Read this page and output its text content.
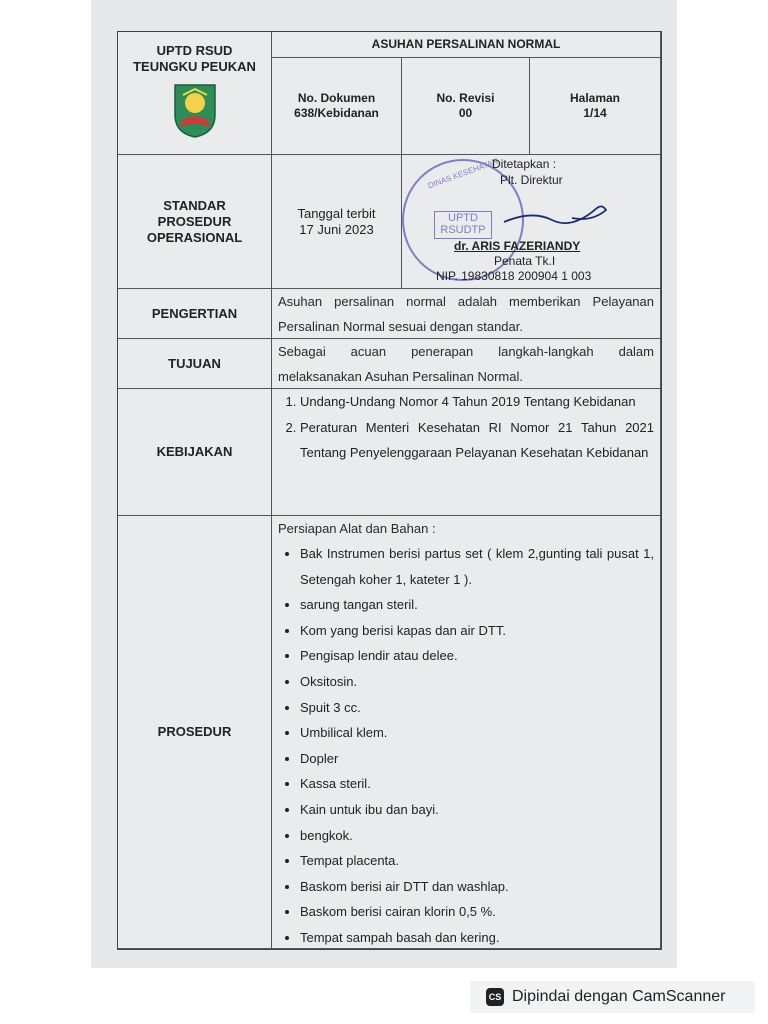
UPTD RSUD TEUNGKU PEUKAN
ASUHAN PERSALINAN NORMAL
No. Dokumen
638/Kebidanan
No. Revisi
00
Halaman
1/14
STANDAR
PROSEDUR
OPERASIONAL
Tanggal terbit
17 Juni 2023
DINAS KESEHATAN
UPTD RSUDTP
Ditetapkan :
Plt. Direktur
dr. ARIS FAZERIANDY
Penata Tk.I
NIP. 19830818 200904 1 003
PENGERTIAN
Asuhan persalinan normal adalah memberikan Pelayanan Persalinan Normal sesuai dengan standar.
TUJUAN
Sebagai acuan penerapan langkah-langkah dalam melaksanakan Asuhan Persalinan Normal.
KEBIJAKAN
1. Undang-Undang Nomor 4 Tahun 2019 Tentang Kebidanan
2. Peraturan Menteri Kesehatan RI Nomor 21 Tahun 2021 Tentang Penyelenggaraan Pelayanan Kesehatan Kebidanan
PROSEDUR
Persiapan Alat dan Bahan :
• Bak Instrumen berisi partus set ( klem 2,gunting tali pusat 1, Setengah koher 1, kateter 1 ).
• sarung tangan steril.
• Kom yang berisi kapas dan air DTT.
• Pengisap lendir atau delee.
• Oksitosin.
• Spuit 3 cc.
• Umbilical klem.
• Dopler
• Kassa steril.
• Kain untuk ibu dan bayi.
• bengkok.
• Tempat placenta.
• Baskom berisi air DTT dan washlap.
• Baskom berisi cairan klorin 0,5 %.
• Tempat sampah basah dan kering.
CS Dipindai dengan CamScanner
